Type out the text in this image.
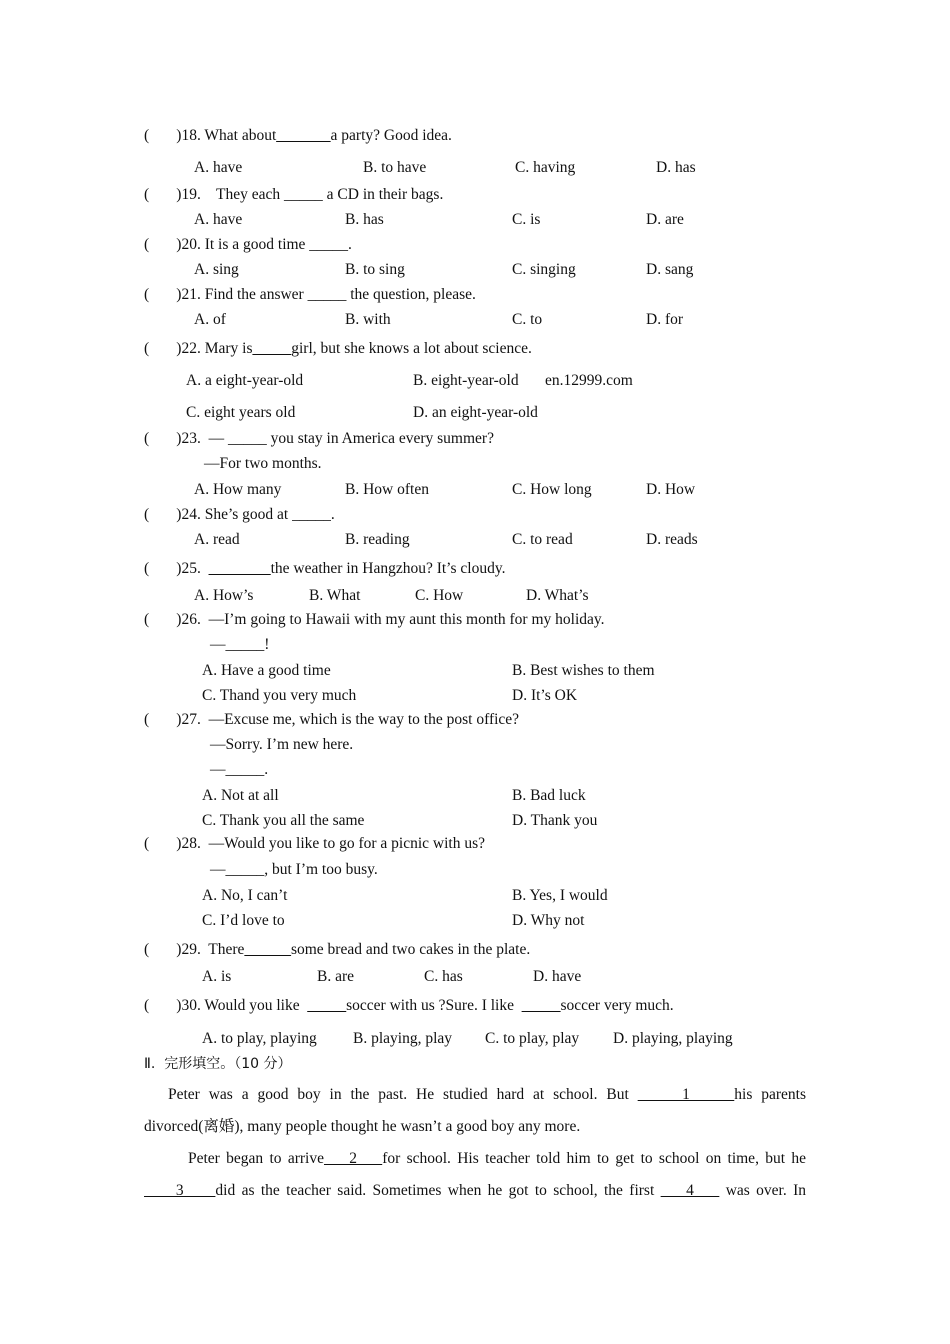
(       )18. What about_______a party? Good idea.
A. have	B. to have	C. having	D. has
(       )19.    They each _____ a CD in their bags.
A. have	B. has	C. is	D. are
(       )20. It is a good time _____.
A. sing	B. to sing	C. singing	D. sang
(       )21. Find the answer _____ the question, please.
A. of	B. with	C. to	D. for
(       )22. Mary is_____girl, but she knows a lot about science.
A. a eight-year-old	B. eight-year-old en.12999.com
C. eight years old	D. an eight-year-old
(       )23.  — _____ you stay in America every summer?
—For two months.
A. How many	B. How often	C. How long	D. How
(       )24. She’s good at _____.
A. read	B. reading	C. to read	D. reads
(       )25.  ________the weather in Hangzhou? It’s cloudy.
A. How’s	B. What	C. How	D. What’s
(       )26.  —I’m going to Hawaii with my aunt this month for my holiday.
—_____!
A. Have a good time	B. Best wishes to them
C. Thand you very much	D. It’s OK
(       )27.  —Excuse me, which is the way to the post office?
—Sorry. I’m new here.
—_____.
A. Not at all	B. Bad luck
C. Thank you all the same	D. Thank you
(       )28.  —Would you like to go for a picnic with us?
—_____, but I’m too busy.
A. No, I can’t	B. Yes, I would
C. I’d love to	D. Why not
(       )29.  There______some bread and two cakes in the plate.
A. is	B. are	C. has	D. have
(       )30. Would you like  _____soccer with us ?Sure. I like  _____soccer very much.
A. to play, playing B. playing, play C. to play, play D. playing, playing
Ⅱ.  完形填空。（10 分）
Peter was a good boy in the past. He studied hard at school. But      1     his parents
divorced(离婚), many people thought he wasn’t a good boy any more.
Peter began to arrive    2    for school. His teacher told him to get to school on time, but he
3     did as the teacher said. Sometimes when he got to school, the first     4     was over. In
